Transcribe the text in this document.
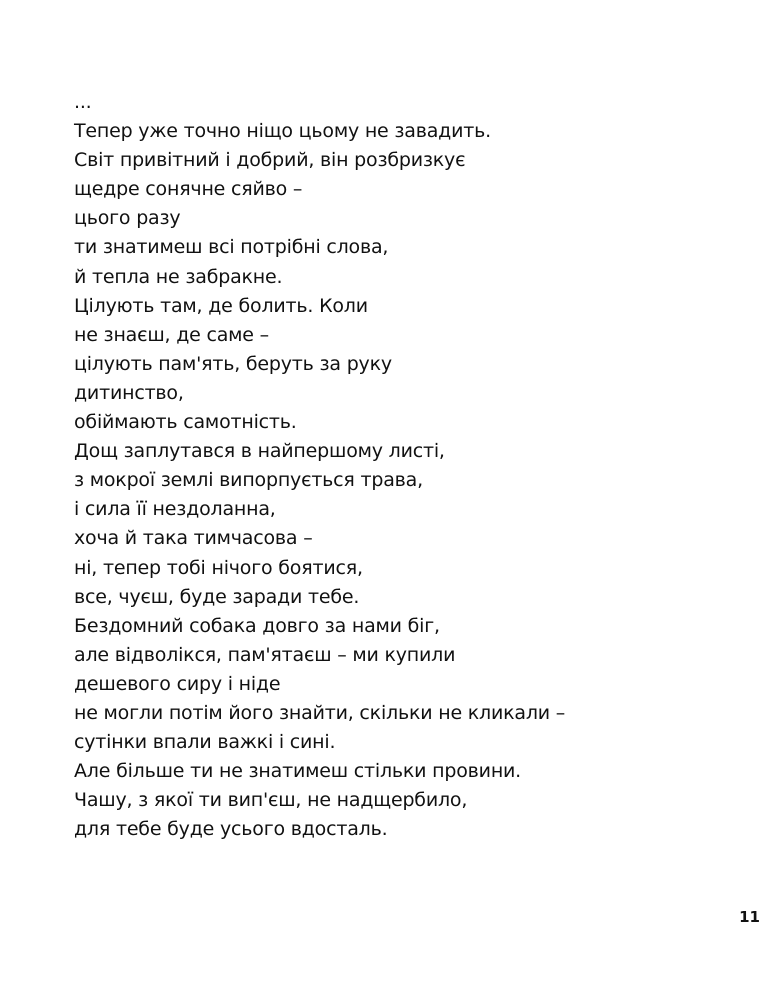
...
Тепер уже точно ніщо цьому не завадить.
Світ привітний і добрий, він розбризкує
щедре сонячне сяйво –
цього разу
ти знатимеш всі потрібні слова,
й тепла не забракне.
Цілують там, де болить. Коли
не знаєш, де саме –
цілують пам'ять, беруть за руку
дитинство,
обіймають самотність.
Дощ заплутався в найпершому листі,
з мокрої землі випорпується трава,
і сила її нездоланна,
хоча й така тимчасова –
ні, тепер тобі нічого боятися,
все, чуєш, буде заради тебе.
Бездомний собака довго за нами біг,
але відволікся, пам'ятаєш – ми купили
дешевого сиру і ніде
не могли потім його знайти, скільки не кликали –
сутінки впали важкі і сині.
Але більше ти не знатимеш стільки провини.
Чашу, з якої ти вип'єш, не надщербило,
для тебе буде усього вдосталь.
11
